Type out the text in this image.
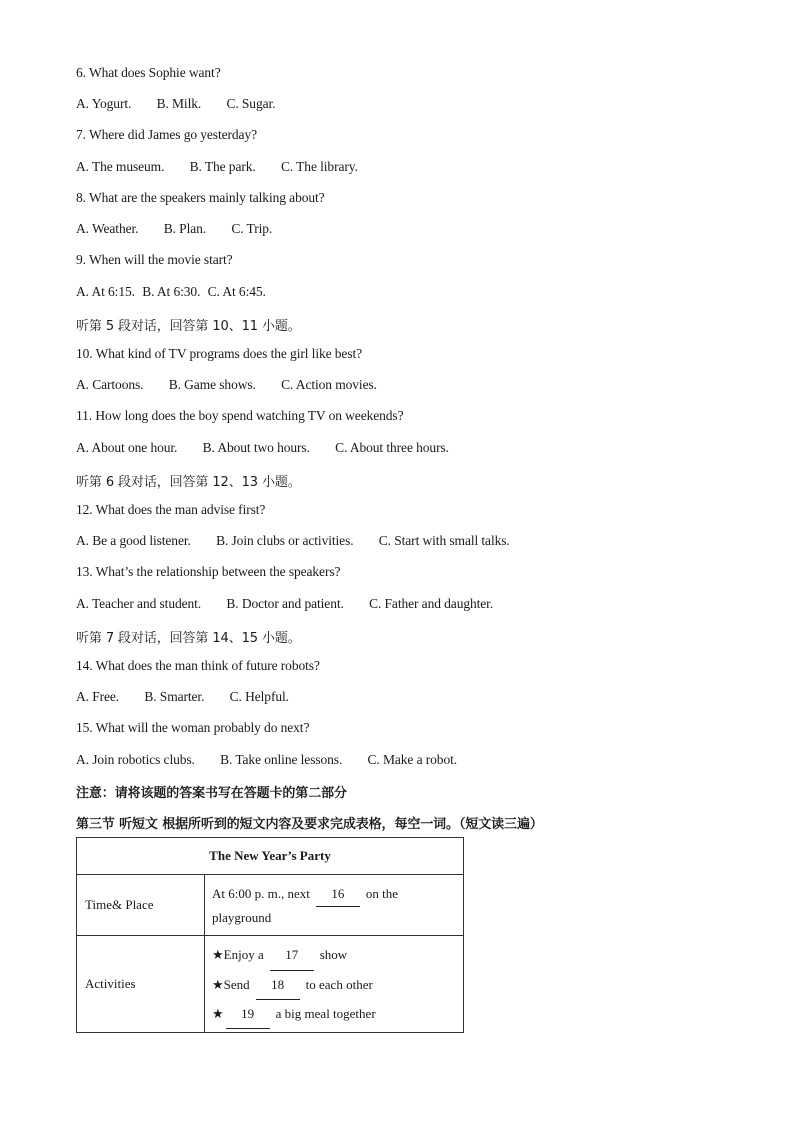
6. What does Sophie want?
A. Yogurt. B. Milk. C. Sugar.
7. Where did James go yesterday?
A. The museum. B. The park. C. The library.
8. What are the speakers mainly talking about?
A. Weather. B. Plan. C. Trip.
9. When will the movie start?
A. At 6:15. B. At 6:30. C. At 6:45.
听第 5 段对话，回答第 10、11 小题。
10. What kind of TV programs does the girl like best?
A. Cartoons. B. Game shows. C. Action movies.
11. How long does the boy spend watching TV on weekends?
A. About one hour. B. About two hours. C. About three hours.
听第 6 段对话，回答第 12、13 小题。
12. What does the man advise first?
A. Be a good listener. B. Join clubs or activities. C. Start with small talks.
13. What’s the relationship between the speakers?
A. Teacher and student. B. Doctor and patient. C. Father and daughter.
听第 7 段对话，回答第 14、15 小题。
14. What does the man think of future robots?
A. Free. B. Smarter. C. Helpful.
15. What will the woman probably do next?
A. Join robotics clubs. B. Take online lessons. C. Make a robot.
注意：请将该题的答案书写在答题卡的第二部分
第三节 听短文 根据所听到的短文内容及要求完成表格，每空一词。（短文读三遍）
The New Year’s Party	
Time& Place	At 6:00 p. m., next 16 on the
playground

Activities	★Enjoy a 17 show
★Send 18 to each other
★ 19 a big meal together
